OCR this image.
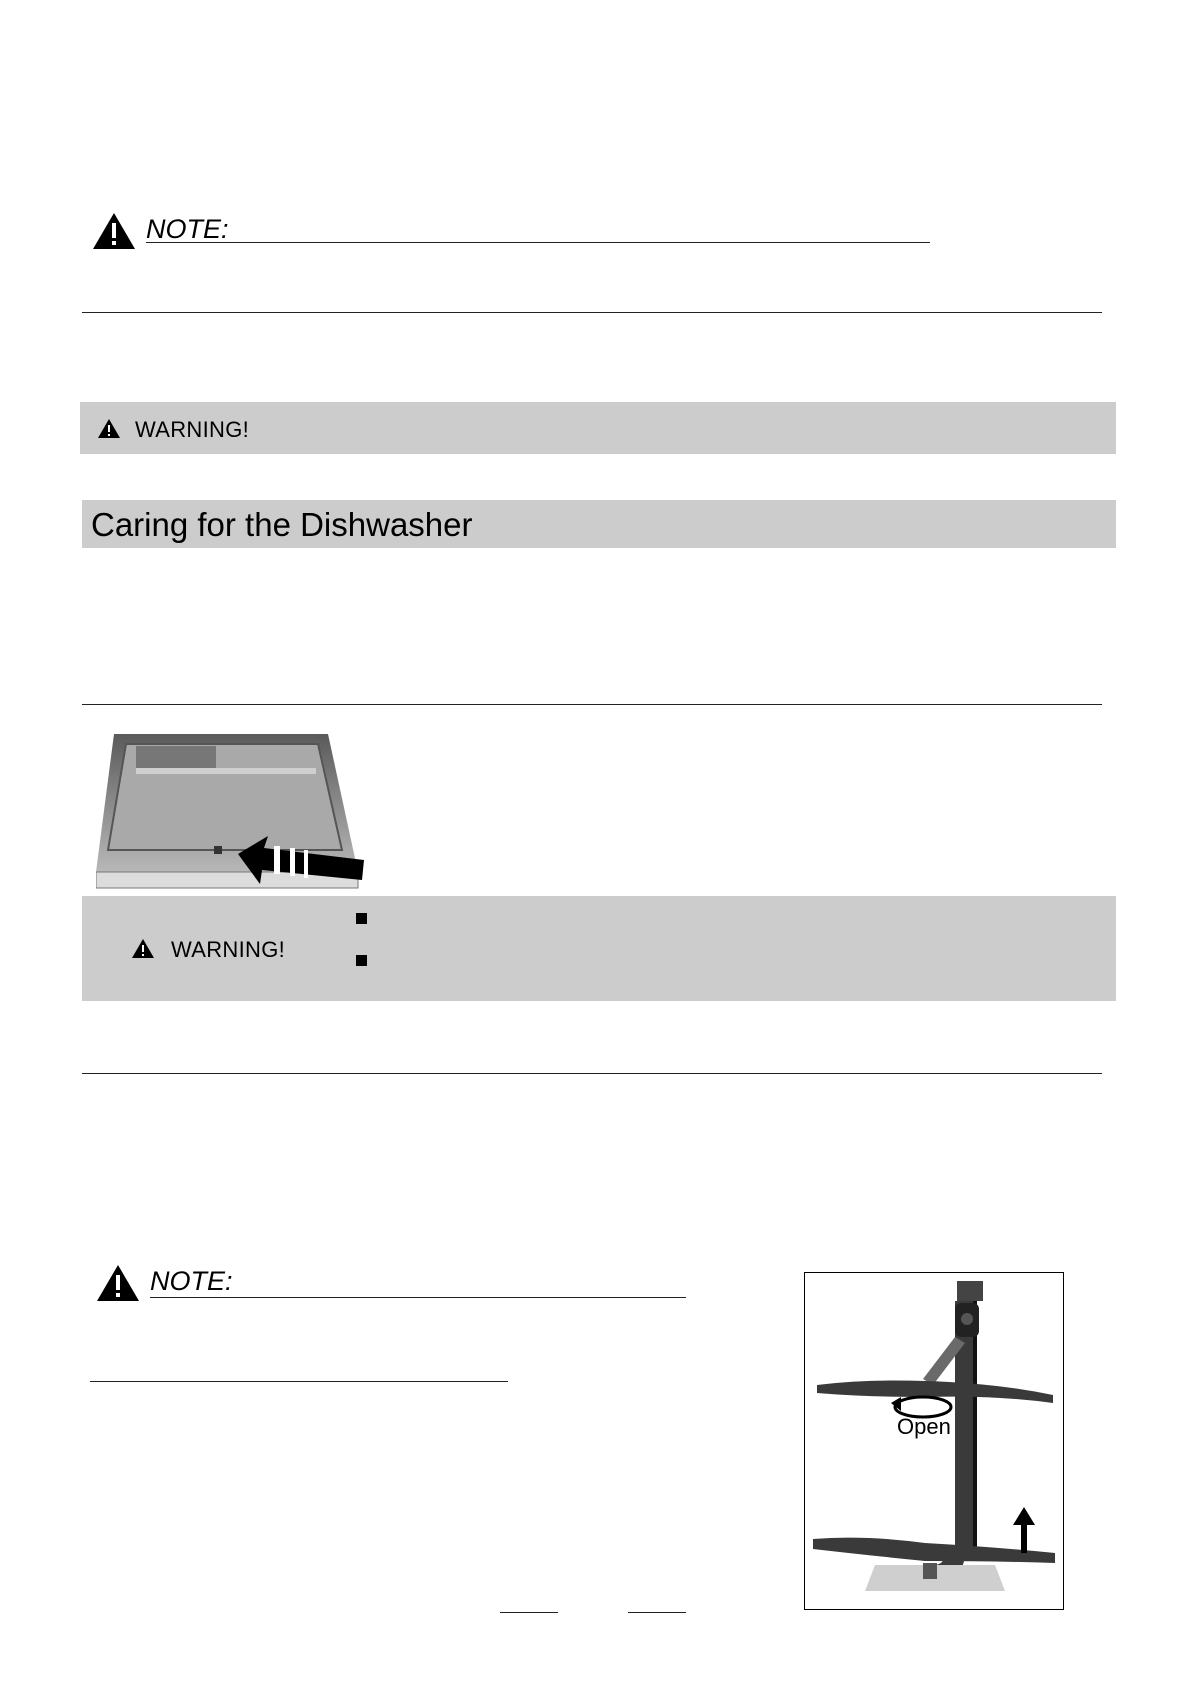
NOTE:
WARNING!
Caring for the Dishwasher
WARNING!
NOTE:
Open
